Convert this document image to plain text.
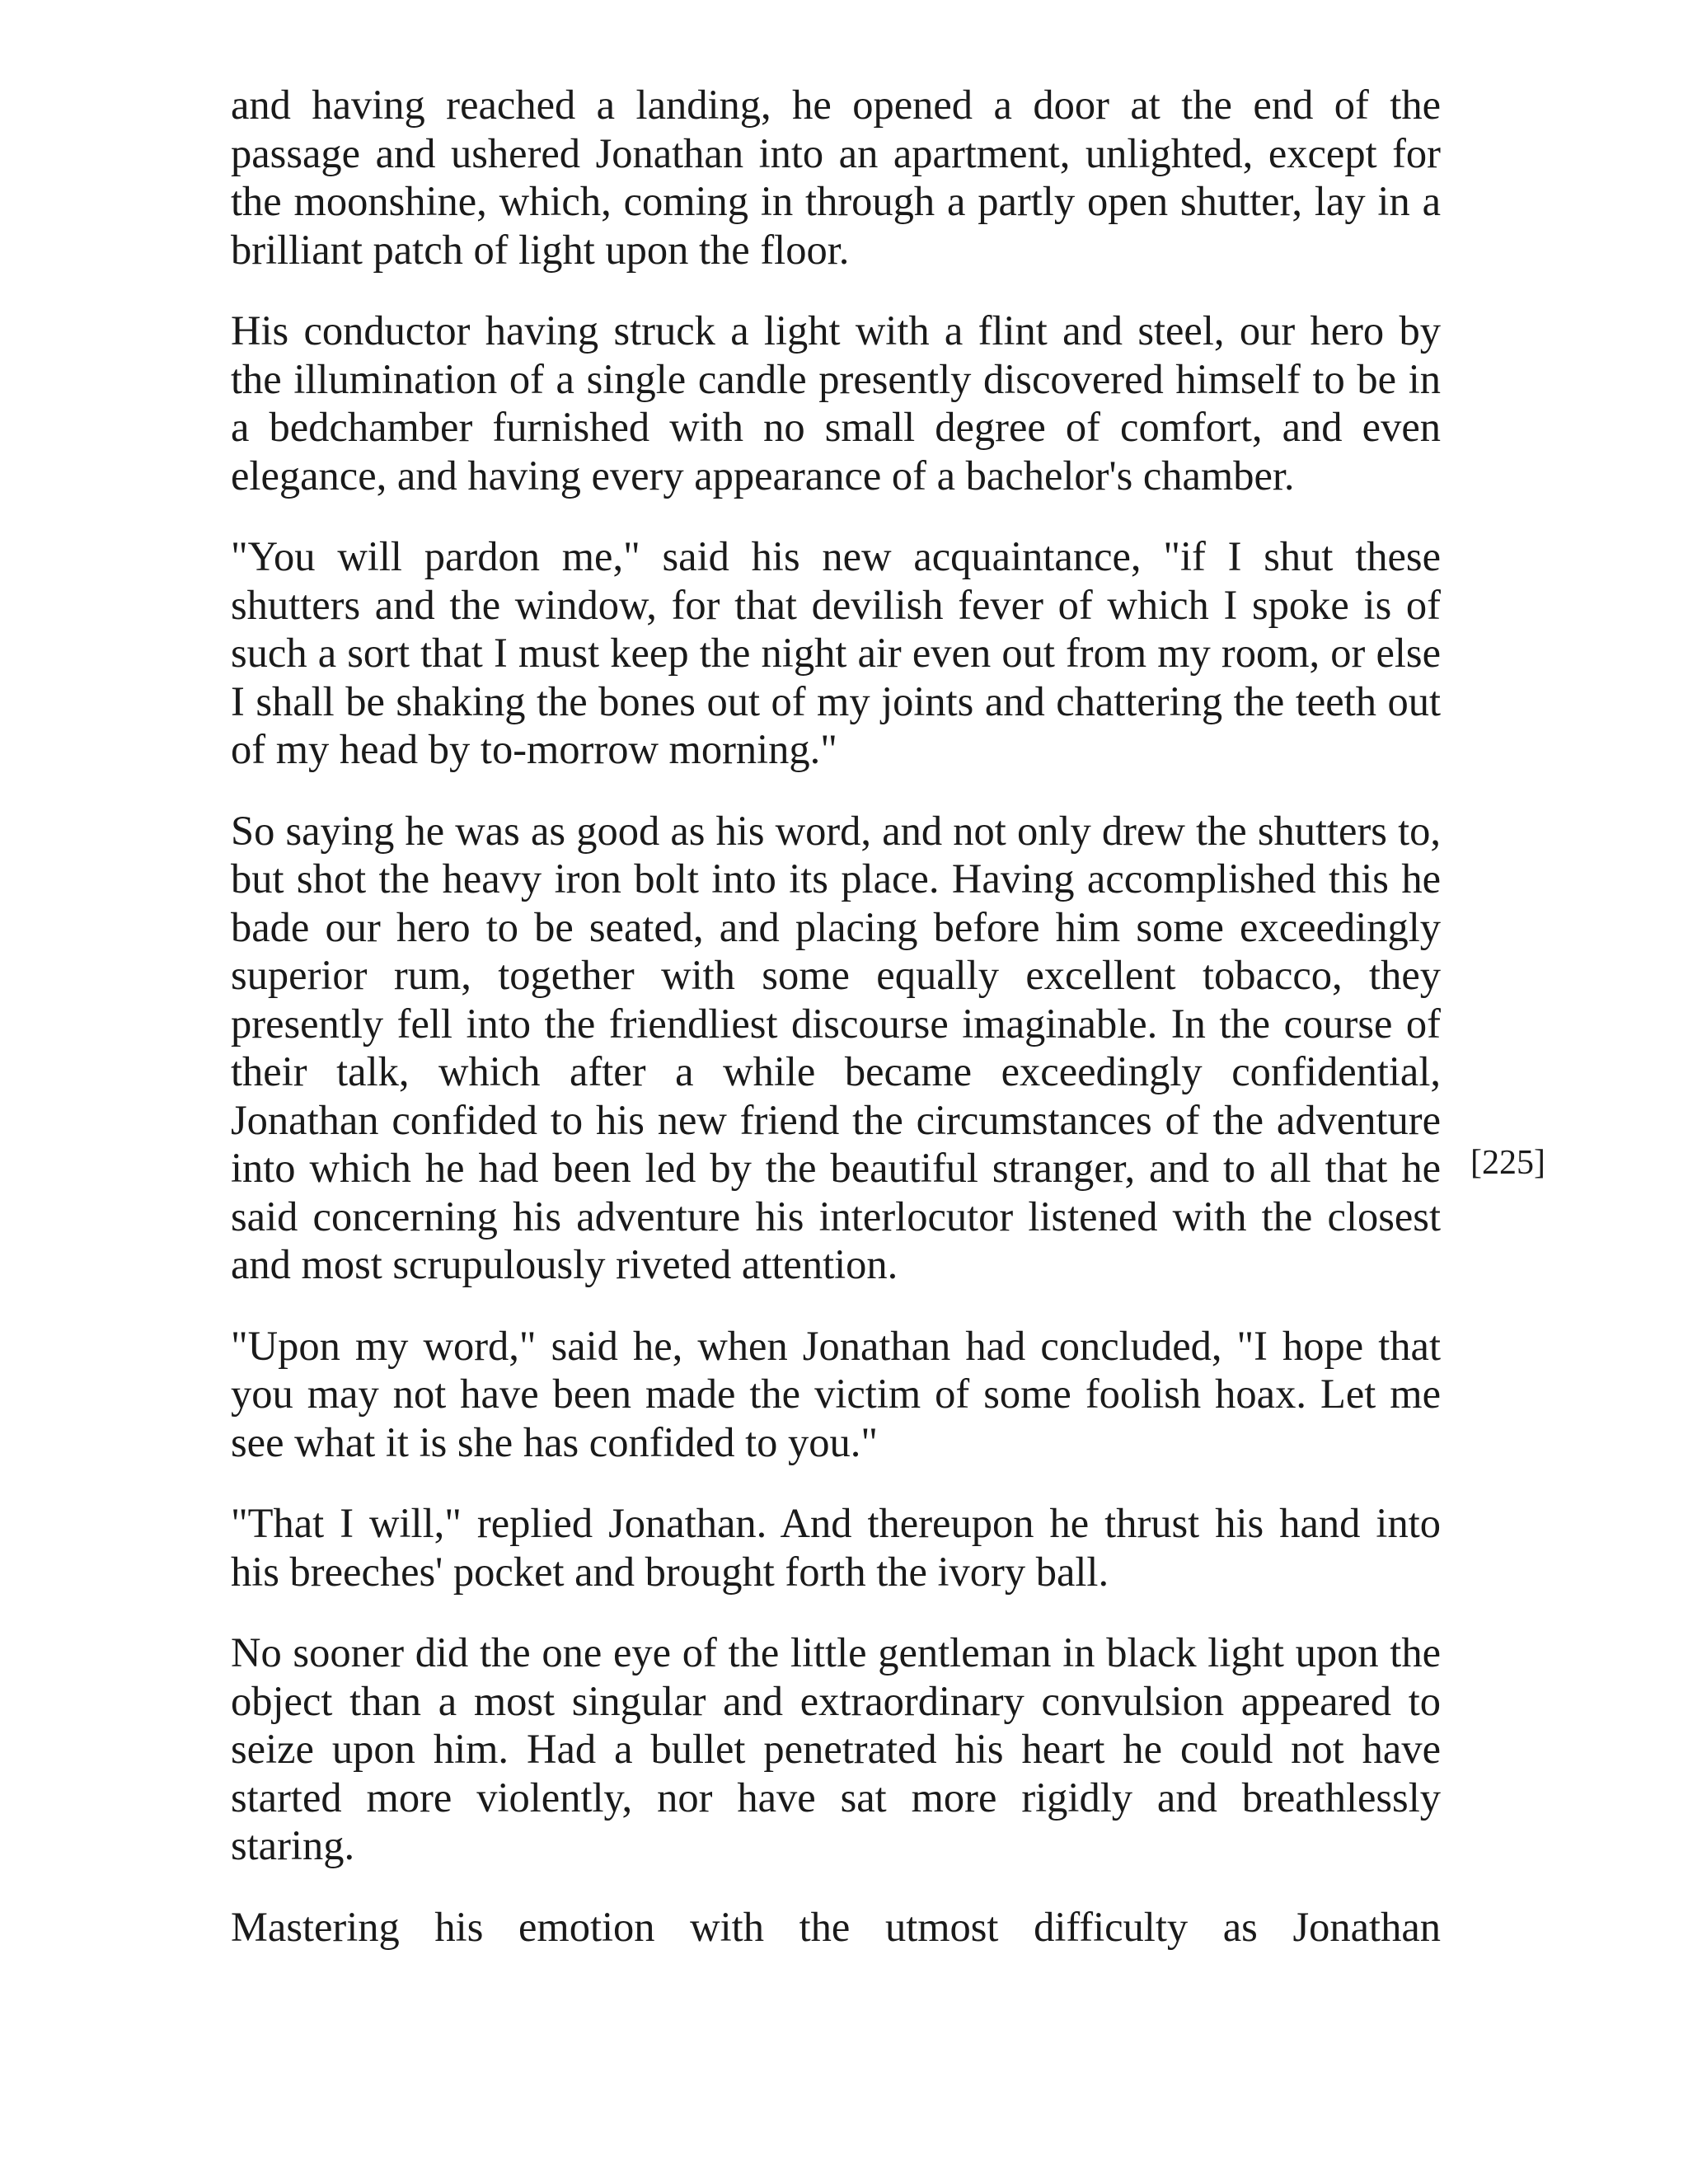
and having reached a landing, he opened a door at the end of the passage and ushered Jonathan into an apartment, unlighted, except for the moonshine, which, coming in through a partly open shutter, lay in a brilliant patch of light upon the floor.

His conductor having struck a light with a flint and steel, our hero by the illumination of a single candle presently discovered himself to be in a bedchamber furnished with no small degree of comfort, and even elegance, and having every appearance of a bachelor's chamber.

"You will pardon me," said his new acquaintance, "if I shut these shutters and the window, for that devilish fever of which I spoke is of such a sort that I must keep the night air even out from my room, or else I shall be shaking the bones out of my joints and chattering the teeth out of my head by to-morrow morning."

So saying he was as good as his word, and not only drew the shutters to, but shot the heavy iron bolt into its place. Having accomplished this he bade our hero to be seated, and placing before him some exceedingly superior rum, together with some equally excellent tobacco, they presently fell into the friendliest discourse imaginable. In the course of their talk, which after a while became exceedingly confidential, Jonathan confided to his new friend the circumstances of the adventure into which he had been led by the beautiful stranger, and to all that he said concerning his adventure his interlocutor listened with the closest and most scrupulously riveted attention.

"Upon my word," said he, when Jonathan had concluded, "I hope that you may not have been made the victim of some foolish hoax. Let me see what it is she has confided to you."

"That I will," replied Jonathan. And thereupon he thrust his hand into his breeches' pocket and brought forth the ivory ball.

No sooner did the one eye of the little gentleman in black light upon the object than a most singular and extraordinary convulsion appeared to seize upon him. Had a bullet penetrated his heart he could not have started more violently, nor have sat more rigidly and breathlessly staring.

Mastering his emotion with the utmost difficulty as Jonathan

[225]
